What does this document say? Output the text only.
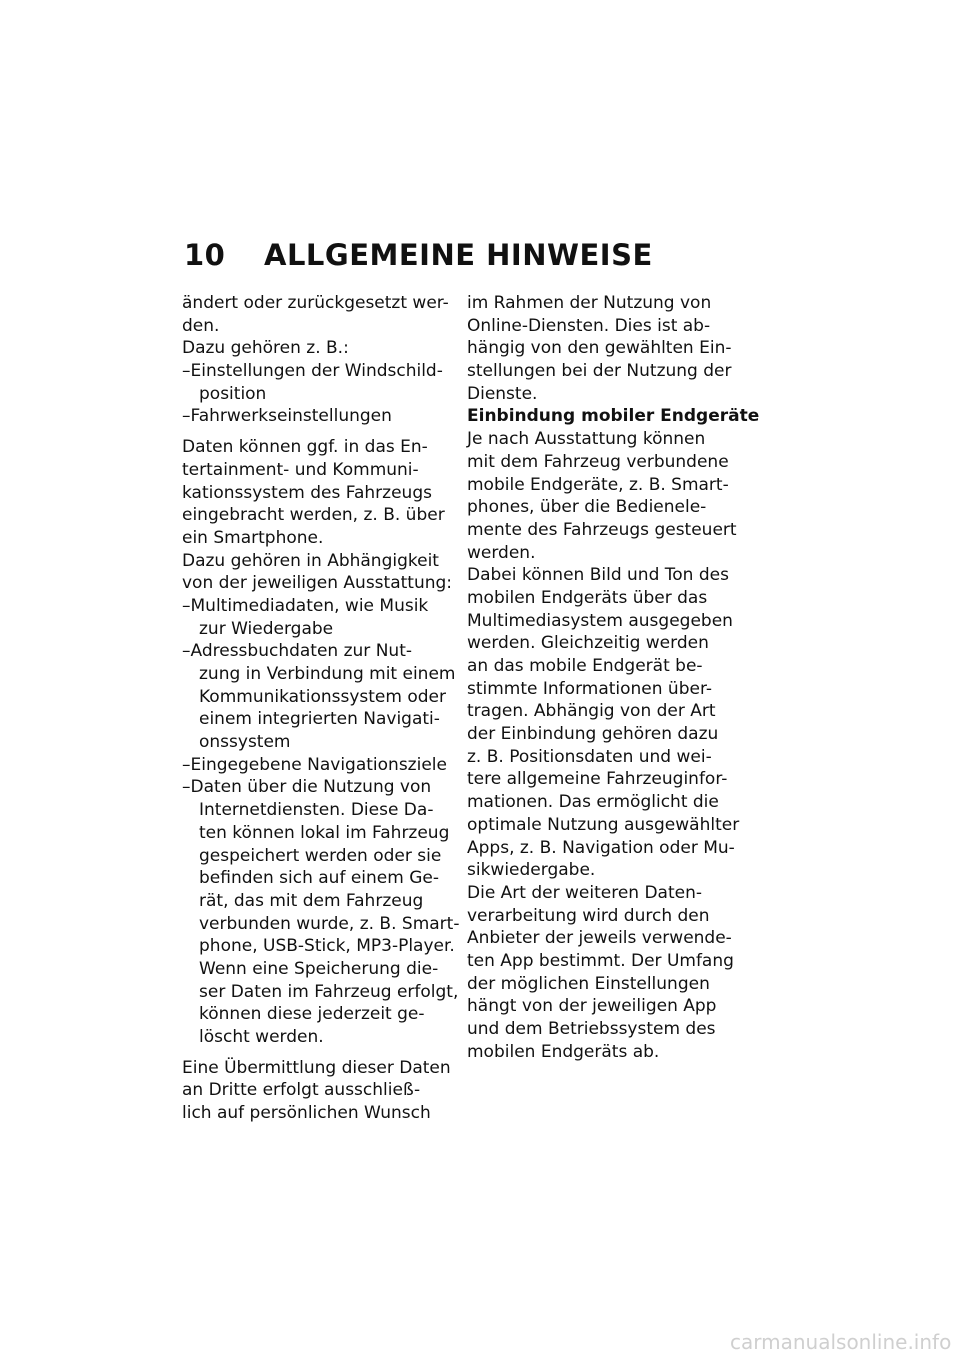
10 ALLGEMEINE HINWEISE
ändert oder zurückgesetzt wer-
den.
Dazu gehören z. B.:
–Einstellungen der Windschild-
position
–Fahrwerkseinstellungen
Daten können ggf. in das En-
tertainment- und Kommuni-
kationssystem des Fahrzeugs
eingebracht werden, z. B. über
ein Smartphone.
Dazu gehören in Abhängigkeit
von der jeweiligen Ausstattung:
–Multimediadaten, wie Musik
zur Wiedergabe
–Adressbuchdaten zur Nut-
zung in Verbindung mit einem
Kommunikationssystem oder
einem integrierten Navigati-
onssystem
–Eingegebene Navigationsziele
–Daten über die Nutzung von
Internetdiensten. Diese Da-
ten können lokal im Fahrzeug
gespeichert werden oder sie
befinden sich auf einem Ge-
rät, das mit dem Fahrzeug
verbunden wurde, z. B. Smart-
phone, USB-Stick, MP3-Player.
Wenn eine Speicherung die-
ser Daten im Fahrzeug erfolgt,
können diese jederzeit ge-
löscht werden.
Eine Übermittlung dieser Daten
an Dritte erfolgt ausschließ-
lich auf persönlichen Wunsch
im Rahmen der Nutzung von
Online-Diensten. Dies ist ab-
hängig von den gewählten Ein-
stellungen bei der Nutzung der
Dienste.
Einbindung mobiler Endgeräte
Je nach Ausstattung können
mit dem Fahrzeug verbundene
mobile Endgeräte, z. B. Smart-
phones, über die Bedienele-
mente des Fahrzeugs gesteuert
werden.
Dabei können Bild und Ton des
mobilen Endgeräts über das
Multimediasystem ausgegeben
werden. Gleichzeitig werden
an das mobile Endgerät be-
stimmte Informationen über-
tragen. Abhängig von der Art
der Einbindung gehören dazu
z. B. Positionsdaten und wei-
tere allgemeine Fahrzeuginfor-
mationen. Das ermöglicht die
optimale Nutzung ausgewählter
Apps, z. B. Navigation oder Mu-
sikwiedergabe.
Die Art der weiteren Daten-
verarbeitung wird durch den
Anbieter der jeweils verwende-
ten App bestimmt. Der Umfang
der möglichen Einstellungen
hängt von der jeweiligen App
und dem Betriebssystem des
mobilen Endgeräts ab.
carmanualsonline.info
